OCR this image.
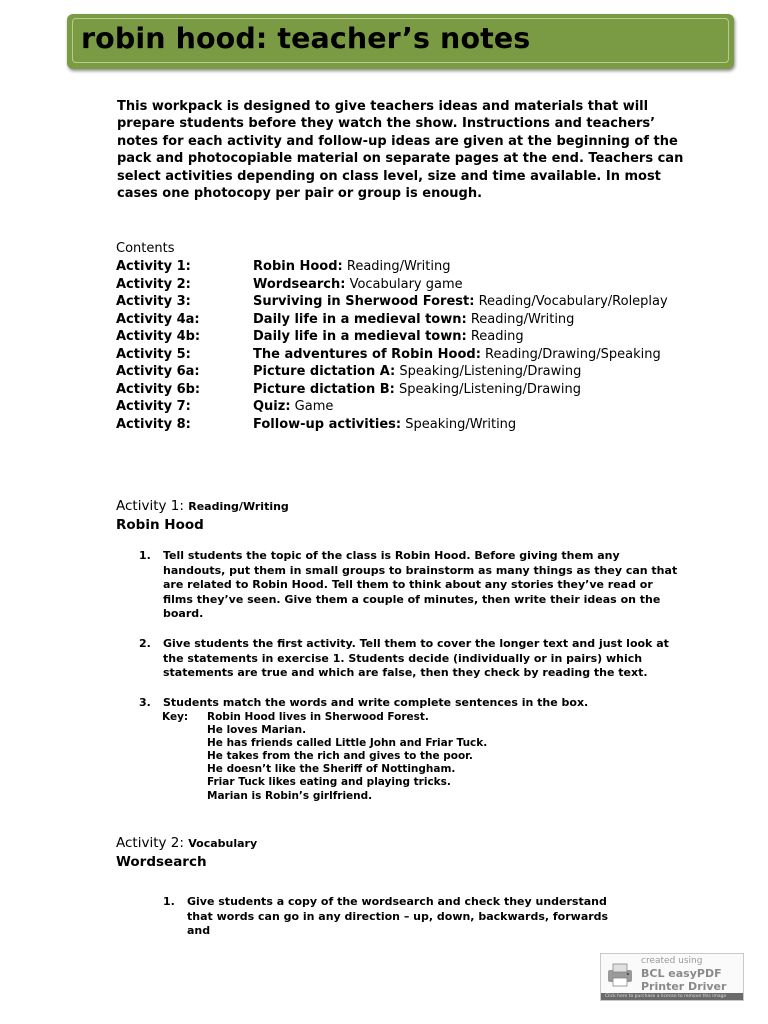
robin hood: teacher’s notes
This workpack is designed to give teachers ideas and materials that will prepare students before they watch the show. Instructions and teachers’ notes for each activity and follow-up ideas are given at the beginning of the pack and photocopiable material on separate pages at the end. Teachers can select activities depending on class level, size and time available. In most cases one photocopy per pair or group is enough.
Contents
Activity 1:	Robin Hood: Reading/Writing
Activity 2:	Wordsearch: Vocabulary game
Activity 3:	Surviving in Sherwood Forest: Reading/Vocabulary/Roleplay
Activity 4a:	Daily life in a medieval town: Reading/Writing
Activity 4b:	Daily life in a medieval town: Reading
Activity 5:	The adventures of Robin Hood: Reading/Drawing/Speaking
Activity 6a:	Picture dictation A: Speaking/Listening/Drawing
Activity 6b:	Picture dictation B: Speaking/Listening/Drawing
Activity 7:	Quiz: Game
Activity 8:	Follow-up activities: Speaking/Writing
Activity 1: Reading/Writing
Robin Hood
1. Tell students the topic of the class is Robin Hood. Before giving them any handouts, put them in small groups to brainstorm as many things as they can that are related to Robin Hood. Tell them to think about any stories they’ve read or films they’ve seen. Give them a couple of minutes, then write their ideas on the board.
2. Give students the first activity. Tell them to cover the longer text and just look at the statements in exercise 1. Students decide (individually or in pairs) which statements are true and which are false, then they check by reading the text.
3. Students match the words and write complete sentences in the box.
Key: Robin Hood lives in Sherwood Forest.
He loves Marian.
He has friends called Little John and Friar Tuck.
He takes from the rich and gives to the poor.
He doesn’t like the Sheriff of Nottingham.
Friar Tuck likes eating and playing tricks.
Marian is Robin’s girlfriend.
Activity 2: Vocabulary
Wordsearch
1. Give students a copy of the wordsearch and check they understand that words can go in any direction – up, down, backwards, forwards and
created using
BCL easyPDF
Printer Driver
Click here to purchase a license to remove this image
